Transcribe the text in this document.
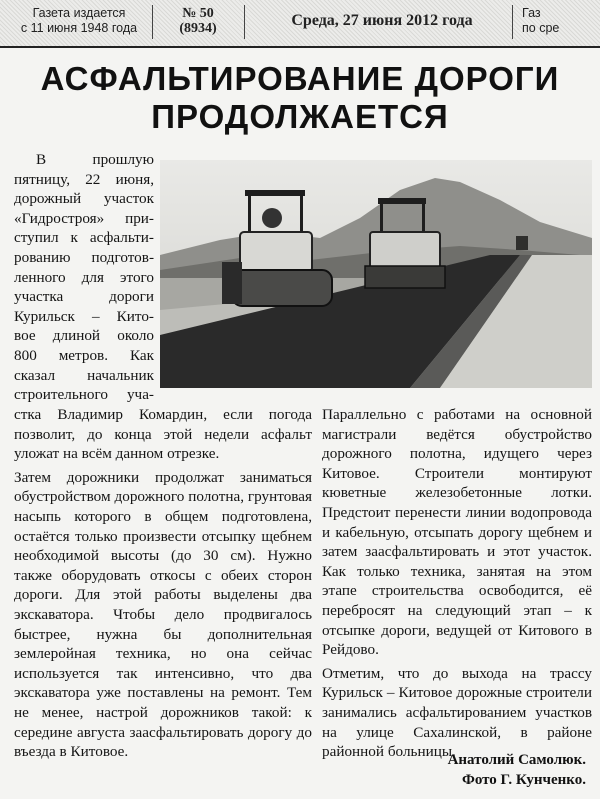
Газета издается
с 11 июня 1948 года
№ 50
(8934)	Среда, 27 июня 2012 года	Газ
по сре
АСФАЛЬТИРОВАНИЕ ДОРОГИ
ПРОДОЛЖАЕТСЯ
В прошлую
пятницу, 22 июня,
дорожный участок
«Гидростроя» при-
ступил к асфальти-
рованию подготов-
ленного для этого
участка дороги
Курильск – Кито-
вое длиной около
800 метров. Как
сказал начальник
строительного уча-

стка Владимир Комардин, если погода позволит, до конца этой недели асфальт уложат на всём данном отрезке.

Затем дорожники продолжат заниматься обустройством дорожного полотна, грунтовая насыпь которого в общем подготовлена, остаётся только произвести отсыпку щебнем необходимой высоты (до 30 см). Нужно также оборудовать откосы с обеих сторон дороги. Для этой работы выделены два экскаватора. Чтобы дело продвигалось быстрее, нужна бы дополнительная землеройная техника, но она сейчас используется так интенсивно, что два экскаватора уже поставлены на ремонт. Тем не менее, настрой дорожников такой: к середине августа заасфальтировать дорогу до въезда в Китовое.

Параллельно с работами на основной магистрали ведётся обустройство дорожного полотна, идущего через Китовое. Строители монтируют кюветные железобетонные лотки. Предстоит перенести линии водопровода и кабельную, отсыпать дорогу щебнем и затем заасфальтировать и этот участок. Как только техника, занятая на этом этапе строительства освободится, её перебросят на следующий этап – к отсыпке дороги, ведущей от Китового в Рейдово.

Отметим, что до выхода на трассу Курильск – Китовое дорожные строители занимались асфальтированием участков на улице Сахалинской, в районе районной больницы.

Анатолий Самолюк.
Фото Г. Кунченко.
